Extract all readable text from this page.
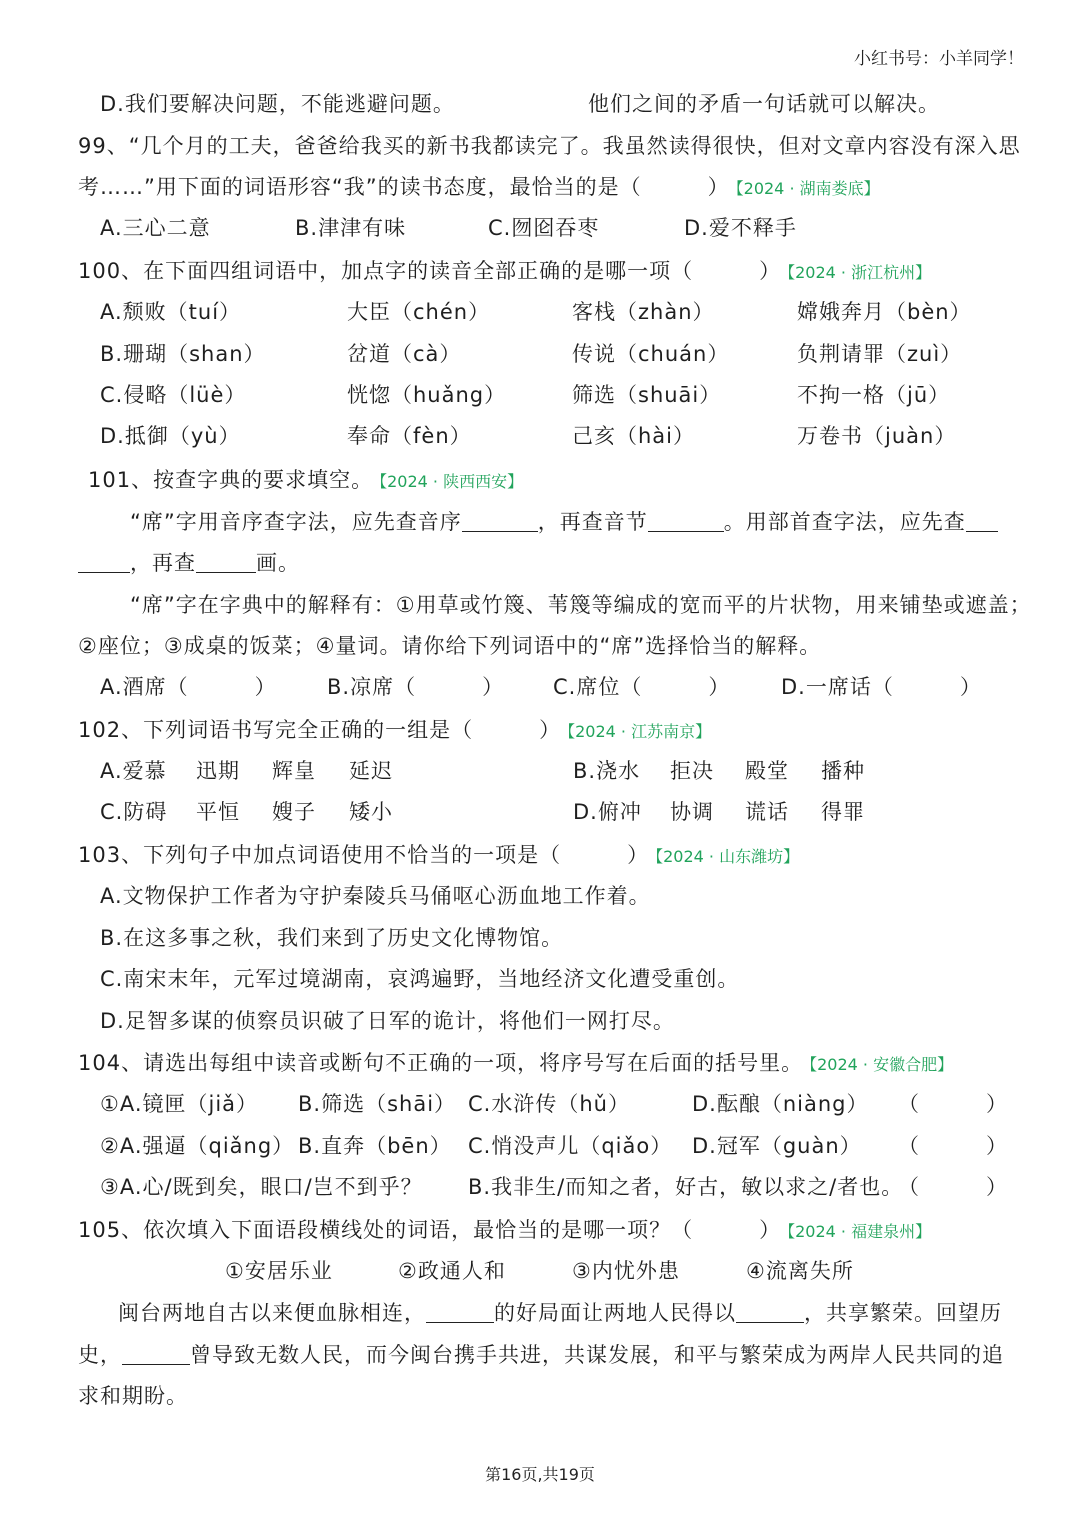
小红书号：小羊同学！
D.我们要解决问题，不能逃避问题。	他们之间的矛盾一句话就可以解决。
99、“几个月的工夫，爸爸给我买的新书我都读完了。我虽然读得很快，但对文章内容没有深入思
考……”用下面的词语形容“我”的读书态度，最恰当的是（　　　） 【2024 · 湖南娄底】
A.三心二意	B.津津有味	C.囫囵吞枣	D.爱不释手
100、在下面四组词语中，加点字的读音全部正确的是哪一项（　　　） 【2024 · 浙江杭州】
A.颓败（tuí）	大臣（chén）	客栈（zhàn）	嫦娥奔月（bèn）
B.珊瑚（shan）	岔道（cà）	传说（chuán）	负荆请罪（zuì）
C.侵略（lüè）	恍惚（huǎng）	筛选（shuāi）	不拘一格（jū）
D.抵御（yù）	奉命（fèn）	己亥（hài）	万卷书（juàn）
101、按查字典的要求填空。 【2024 · 陕西西安】
“席”字用音序查字法，应先查音序	，再查音节	。用部首查字法，应先查
，再查	画。
“席”字在字典中的解释有：①用草或竹篾、苇篾等编成的宽而平的片状物，用来铺垫或遮盖；
②座位；③成桌的饭菜；④量词。请你给下列词语中的“席”选择恰当的解释。
A.酒席（　　　） B.凉席（　　　） C.席位（　　　） D.一席话（　　　）
102、下列词语书写完全正确的一组是（　　　） 【2024 · 江苏南京】
A.爱慕 迅期 辉皇 延迟	B.浇水 拒决 殿堂 播种
C.防碍 平恒 嫂子 矮小	D.俯冲 协调 谎话 得罪
103、下列句子中加点词语使用不恰当的一项是（　　　） 【2024 · 山东潍坊】
A.文物保护工作者为守护秦陵兵马俑呕心沥血地工作着。
B.在这多事之秋，我们来到了历史文化博物馆。
C.南宋末年，元军过境湖南，哀鸿遍野，当地经济文化遭受重创。
D.足智多谋的侦察员识破了日军的诡计，将他们一网打尽。
104、请选出每组中读音或断句不正确的一项，将序号写在后面的括号里。 【2024 · 安徽合肥】
①A.镜匣（jiǎ） B.筛选（shāi） C.水浒传（hǔ）	D.酝酿（niàng） （　　　）
②A.强逼（qiǎng） B.直奔（bēn） C.悄没声儿（qiǎo） D.冠军（guàn） （　　　）
③A.心/既到矣，眼口/岂不到乎？ B.我非生/而知之者，好古，敏以求之/者也。
（　　　）
105、依次填入下面语段横线处的词语，最恰当的是哪一项？（　　　） 【2024 · 福建泉州】
①安居乐业	②政通人和	③内忧外患	④流离失所
闽台两地自古以来便血脉相连，	的好局面让两地人民得以	，共享繁荣。回望历
史，	曾导致无数人民，而今闽台携手共进，共谋发展，和平与繁荣成为两岸人民共同的追
求和期盼。
第16页,共19页
